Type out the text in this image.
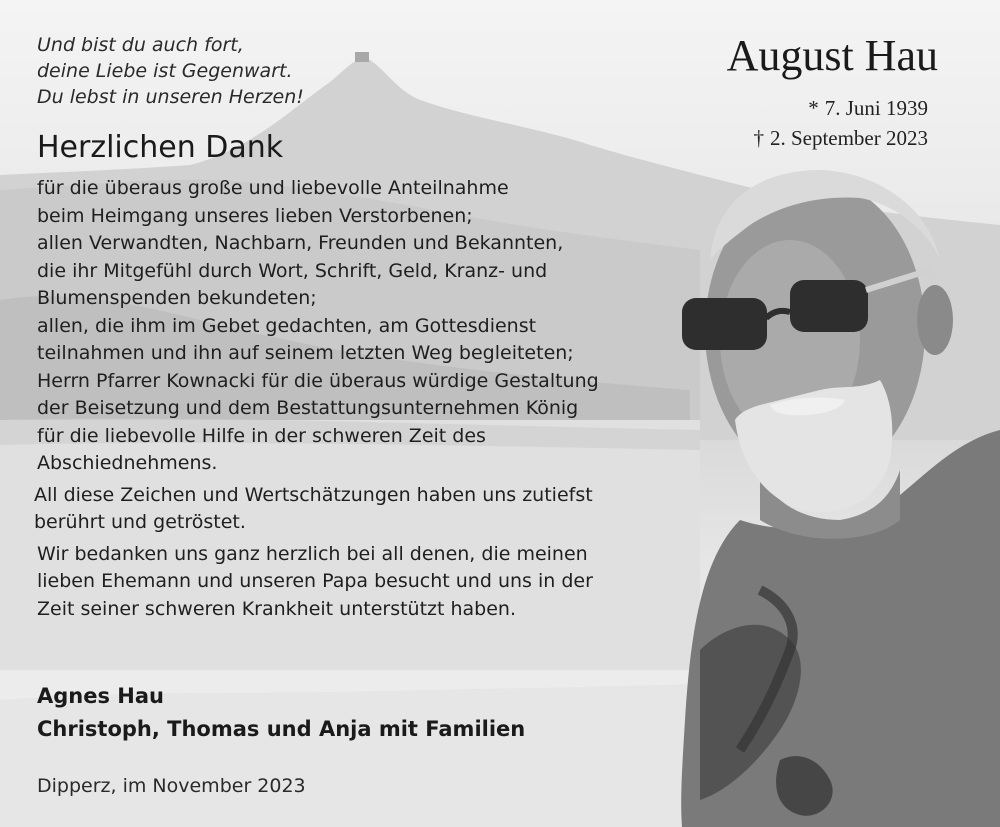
Und bist du auch fort,
deine Liebe ist Gegenwart.
Du lebst in unseren Herzen!
August Hau
* 7. Juni 1939
† 2. September 2023
Herzlichen Dank
für die überaus große und liebevolle Anteilnahme
beim Heimgang unseres lieben Verstorbenen;
allen Verwandten, Nachbarn, Freunden und Bekannten,
die ihr Mitgefühl durch Wort, Schrift, Geld, Kranz- und
Blumenspenden bekundeten;
allen, die ihm im Gebet gedachten, am Gottesdienst
teilnahmen und ihn auf seinem letzten Weg begleiteten;
Herrn Pfarrer Kownacki für die überaus würdige Gestaltung
der Beisetzung und dem Bestattungsunternehmen König
für die liebevolle Hilfe in der schweren Zeit des
Abschiednehmens.
All diese Zeichen und Wertschätzungen haben uns zutiefst
berührt und getröstet.
Wir bedanken uns ganz herzlich bei all denen, die meinen
lieben Ehemann und unseren Papa besucht und uns in der
Zeit seiner schweren Krankheit unterstützt haben.
Agnes Hau
Christoph, Thomas und Anja mit Familien
Dipperz, im November 2023
